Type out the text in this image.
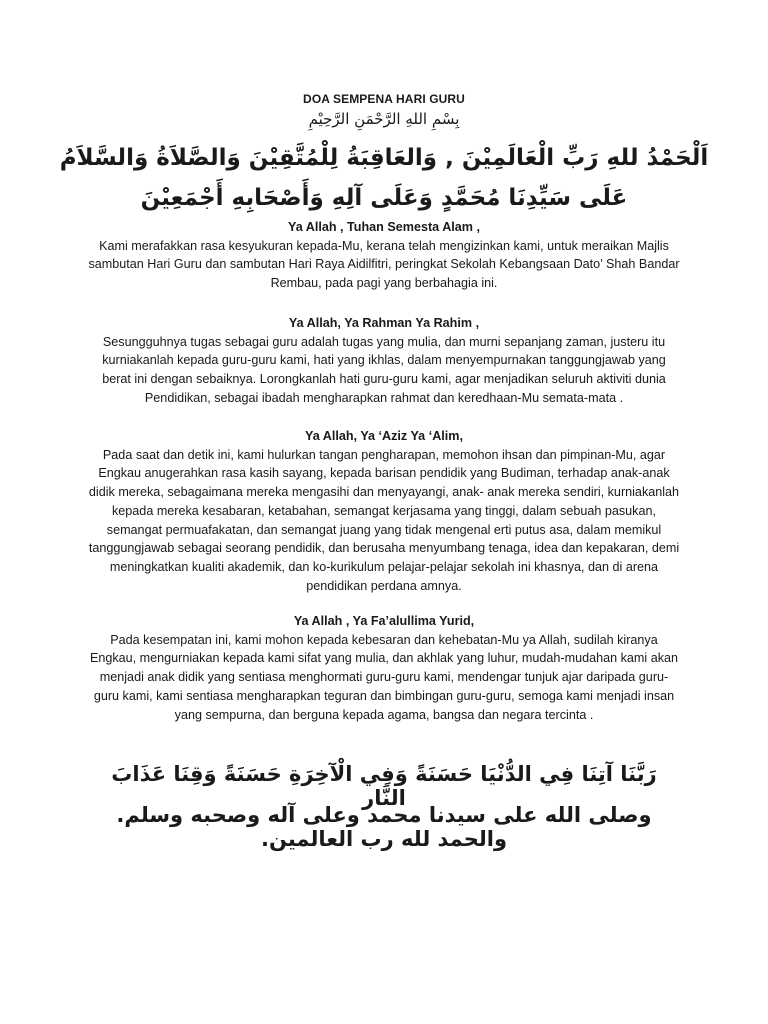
DOA SEMPENA HARI GURU
بِسْمِ اللهِ الرَّحْمَنِ الرَّحِيْمِ
اَلْحَمْدُ للهِ رَبِّ الْعَالَمِيْنَ , وَالعَاقِبَةُ لِلْمُتَّقِيْنَ وَالصَّلاَةُ وَالسَّلاَمُ عَلَى سَيِّدِنَا مُحَمَّدٍ وَعَلَى آلِهِ وَأَصْحَابِهِ أَجْمَعِيْنَ
Ya Allah , Tuhan Semesta Alam ,
Kami merafakkan rasa kesyukuran kepada-Mu, kerana telah mengizinkan kami, untuk meraikan Majlis sambutan Hari Guru dan sambutan Hari Raya Aidilfitri, peringkat Sekolah Kebangsaan Dato’ Shah Bandar Rembau, pada pagi yang berbahagia ini.
Ya Allah, Ya Rahman Ya Rahim ,
Sesungguhnya tugas sebagai guru adalah tugas yang mulia, dan murni sepanjang zaman, justeru itu kurniakanlah kepada guru-guru kami, hati yang ikhlas, dalam menyempurnakan tanggungjawab yang berat ini dengan sebaiknya. Lorongkanlah hati guru-guru kami, agar menjadikan seluruh aktiviti dunia Pendidikan, sebagai ibadah mengharapkan rahmat dan keredhaan-Mu semata-mata .
Ya Allah, Ya ‘Aziz Ya ‘Alim,
Pada saat dan detik ini, kami hulurkan tangan pengharapan, memohon ihsan dan pimpinan-Mu, agar Engkau anugerahkan rasa kasih sayang, kepada barisan pendidik yang Budiman, terhadap anak-anak didik mereka, sebagaimana mereka mengasihi dan menyayangi, anak- anak mereka sendiri, kurniakanlah kepada mereka kesabaran, ketabahan, semangat kerjasama yang tinggi, dalam sebuah pasukan, semangat permuafakatan, dan semangat juang yang tidak mengenal erti putus asa, dalam memikul tanggungjawab sebagai seorang pendidik, dan berusaha menyumbang tenaga, idea dan kepakaran, demi meningkatkan kualiti akademik, dan ko-kurikulum pelajar-pelajar sekolah ini khasnya, dan di arena pendidikan perdana amnya.
Ya Allah , Ya Fa’alullima Yurid,
Pada kesempatan ini, kami mohon kepada kebesaran dan kehebatan-Mu ya Allah, sudilah kiranya Engkau, mengurniakan kepada kami sifat yang mulia, dan akhlak yang luhur, mudah-mudahan kami akan menjadi anak didik yang sentiasa menghormati guru-guru kami, mendengar tunjuk ajar daripada guru-guru kami, kami sentiasa mengharapkan teguran dan bimbingan guru-guru, semoga kami menjadi insan yang sempurna, dan berguna kepada agama, bangsa dan negara tercinta .
رَبَّنَا آتِنَا فِي الدُّنْيَا حَسَنَةً وَفِي الْآخِرَةِ حَسَنَةً وَقِنَا عَذَابَ النَّار
وصلى الله على سيدنا محمد وعلى آله وصحبه وسلم. والحمد لله رب العالمين.
